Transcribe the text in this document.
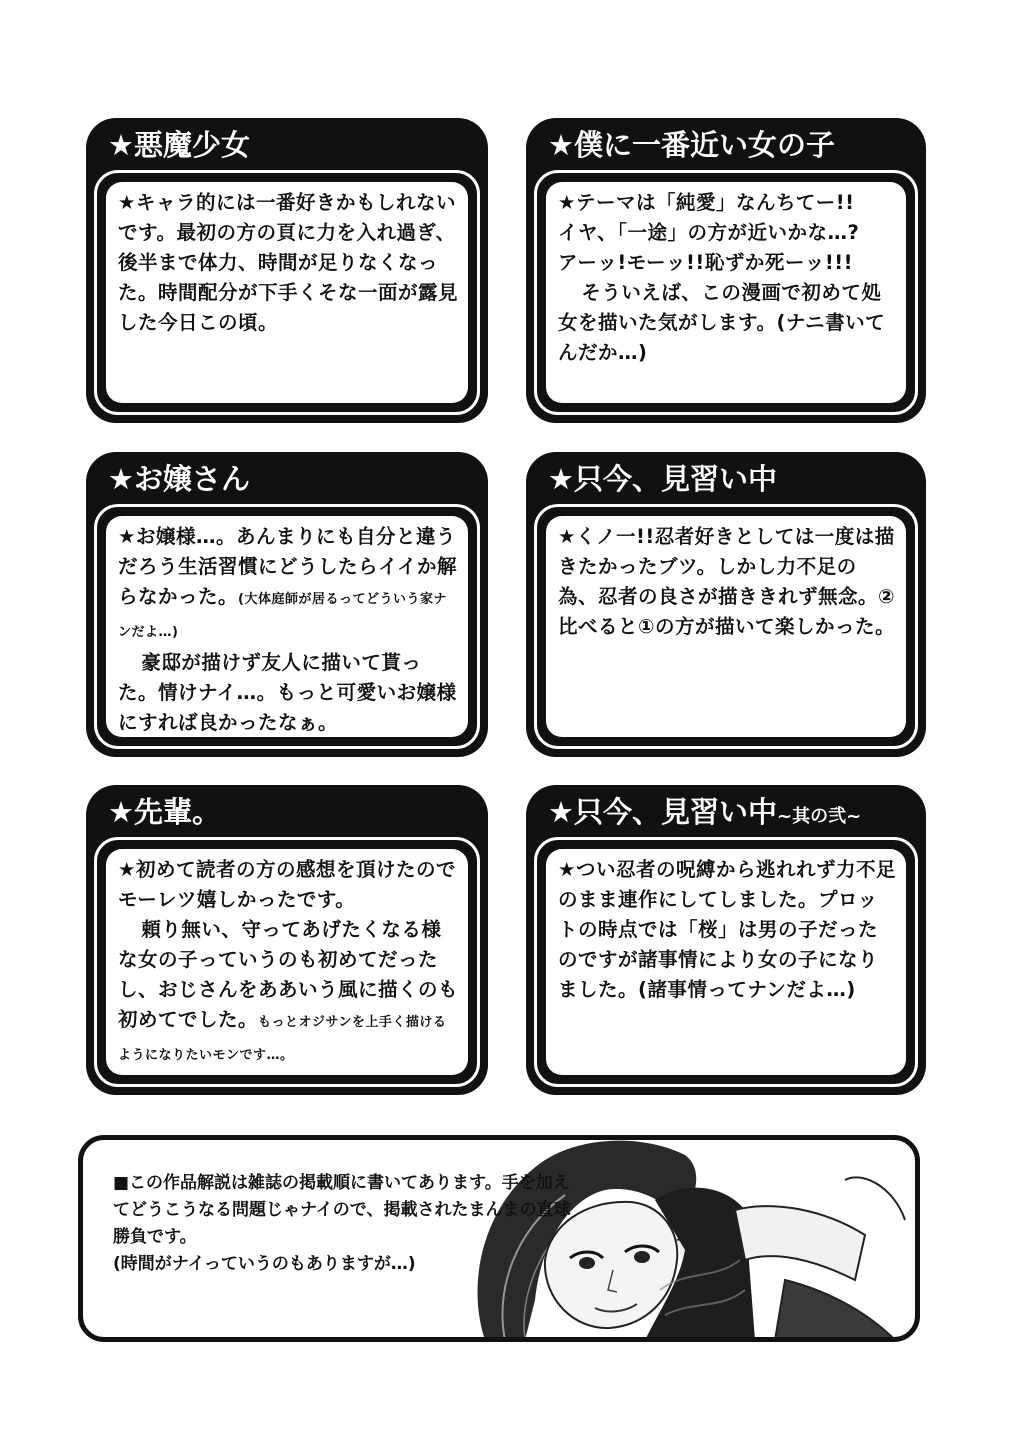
★悪魔少女

★キャラ的には一番好きかもしれないです。最初の方の頁に力を入れ過ぎ、後半まで体力、時間が足りなくなった。時間配分が下手くそな一面が露見した今日この頃。

★僕に一番近い女の子

★テーマは「純愛」なんちてー!!
イヤ、「一途」の方が近いかな…?
アーッ!モーッ!!恥ずか死ーッ!!!

そういえば、この漫画で初めて処女を描いた気がします。(ナニ書いてんだか…)

★お嬢さん

★お嬢様…。あんまりにも自分と違うだろう生活習慣にどうしたらイイか解らなかった。(大体庭師が居るってどういう家ナンだよ…)

豪邸が描けず友人に描いて貰った。情けナイ…。もっと可愛いお嬢様にすれば良かったなぁ。

★只今、見習い中

★くノ一!!忍者好きとしては一度は描きたかったブツ。しかし力不足の為、忍者の良さが描ききれず無念。②比べると①の方が描いて楽しかった。

★先輩。

★初めて読者の方の感想を頂けたのでモーレツ嬉しかったです。

頼り無い、守ってあげたくなる様な女の子っていうのも初めてだったし、おじさんをああいう風に描くのも初めてでした。もっとオジサンを上手く描けるようになりたいモンです…。

★只今、見習い中~其の弐~

★つい忍者の呪縛から逃れれず力不足のまま連作にしてしました。プロットの時点では「桜」は男の子だったのですが諸事情により女の子になりました。(諸事情ってナンだよ…)

■この作品解説は雑誌の掲載順に書いてあります。手を加えてどうこうなる問題じゃナイので、掲載されたまんまの直球勝負です。
(時間がナイっていうのもありますが…)
